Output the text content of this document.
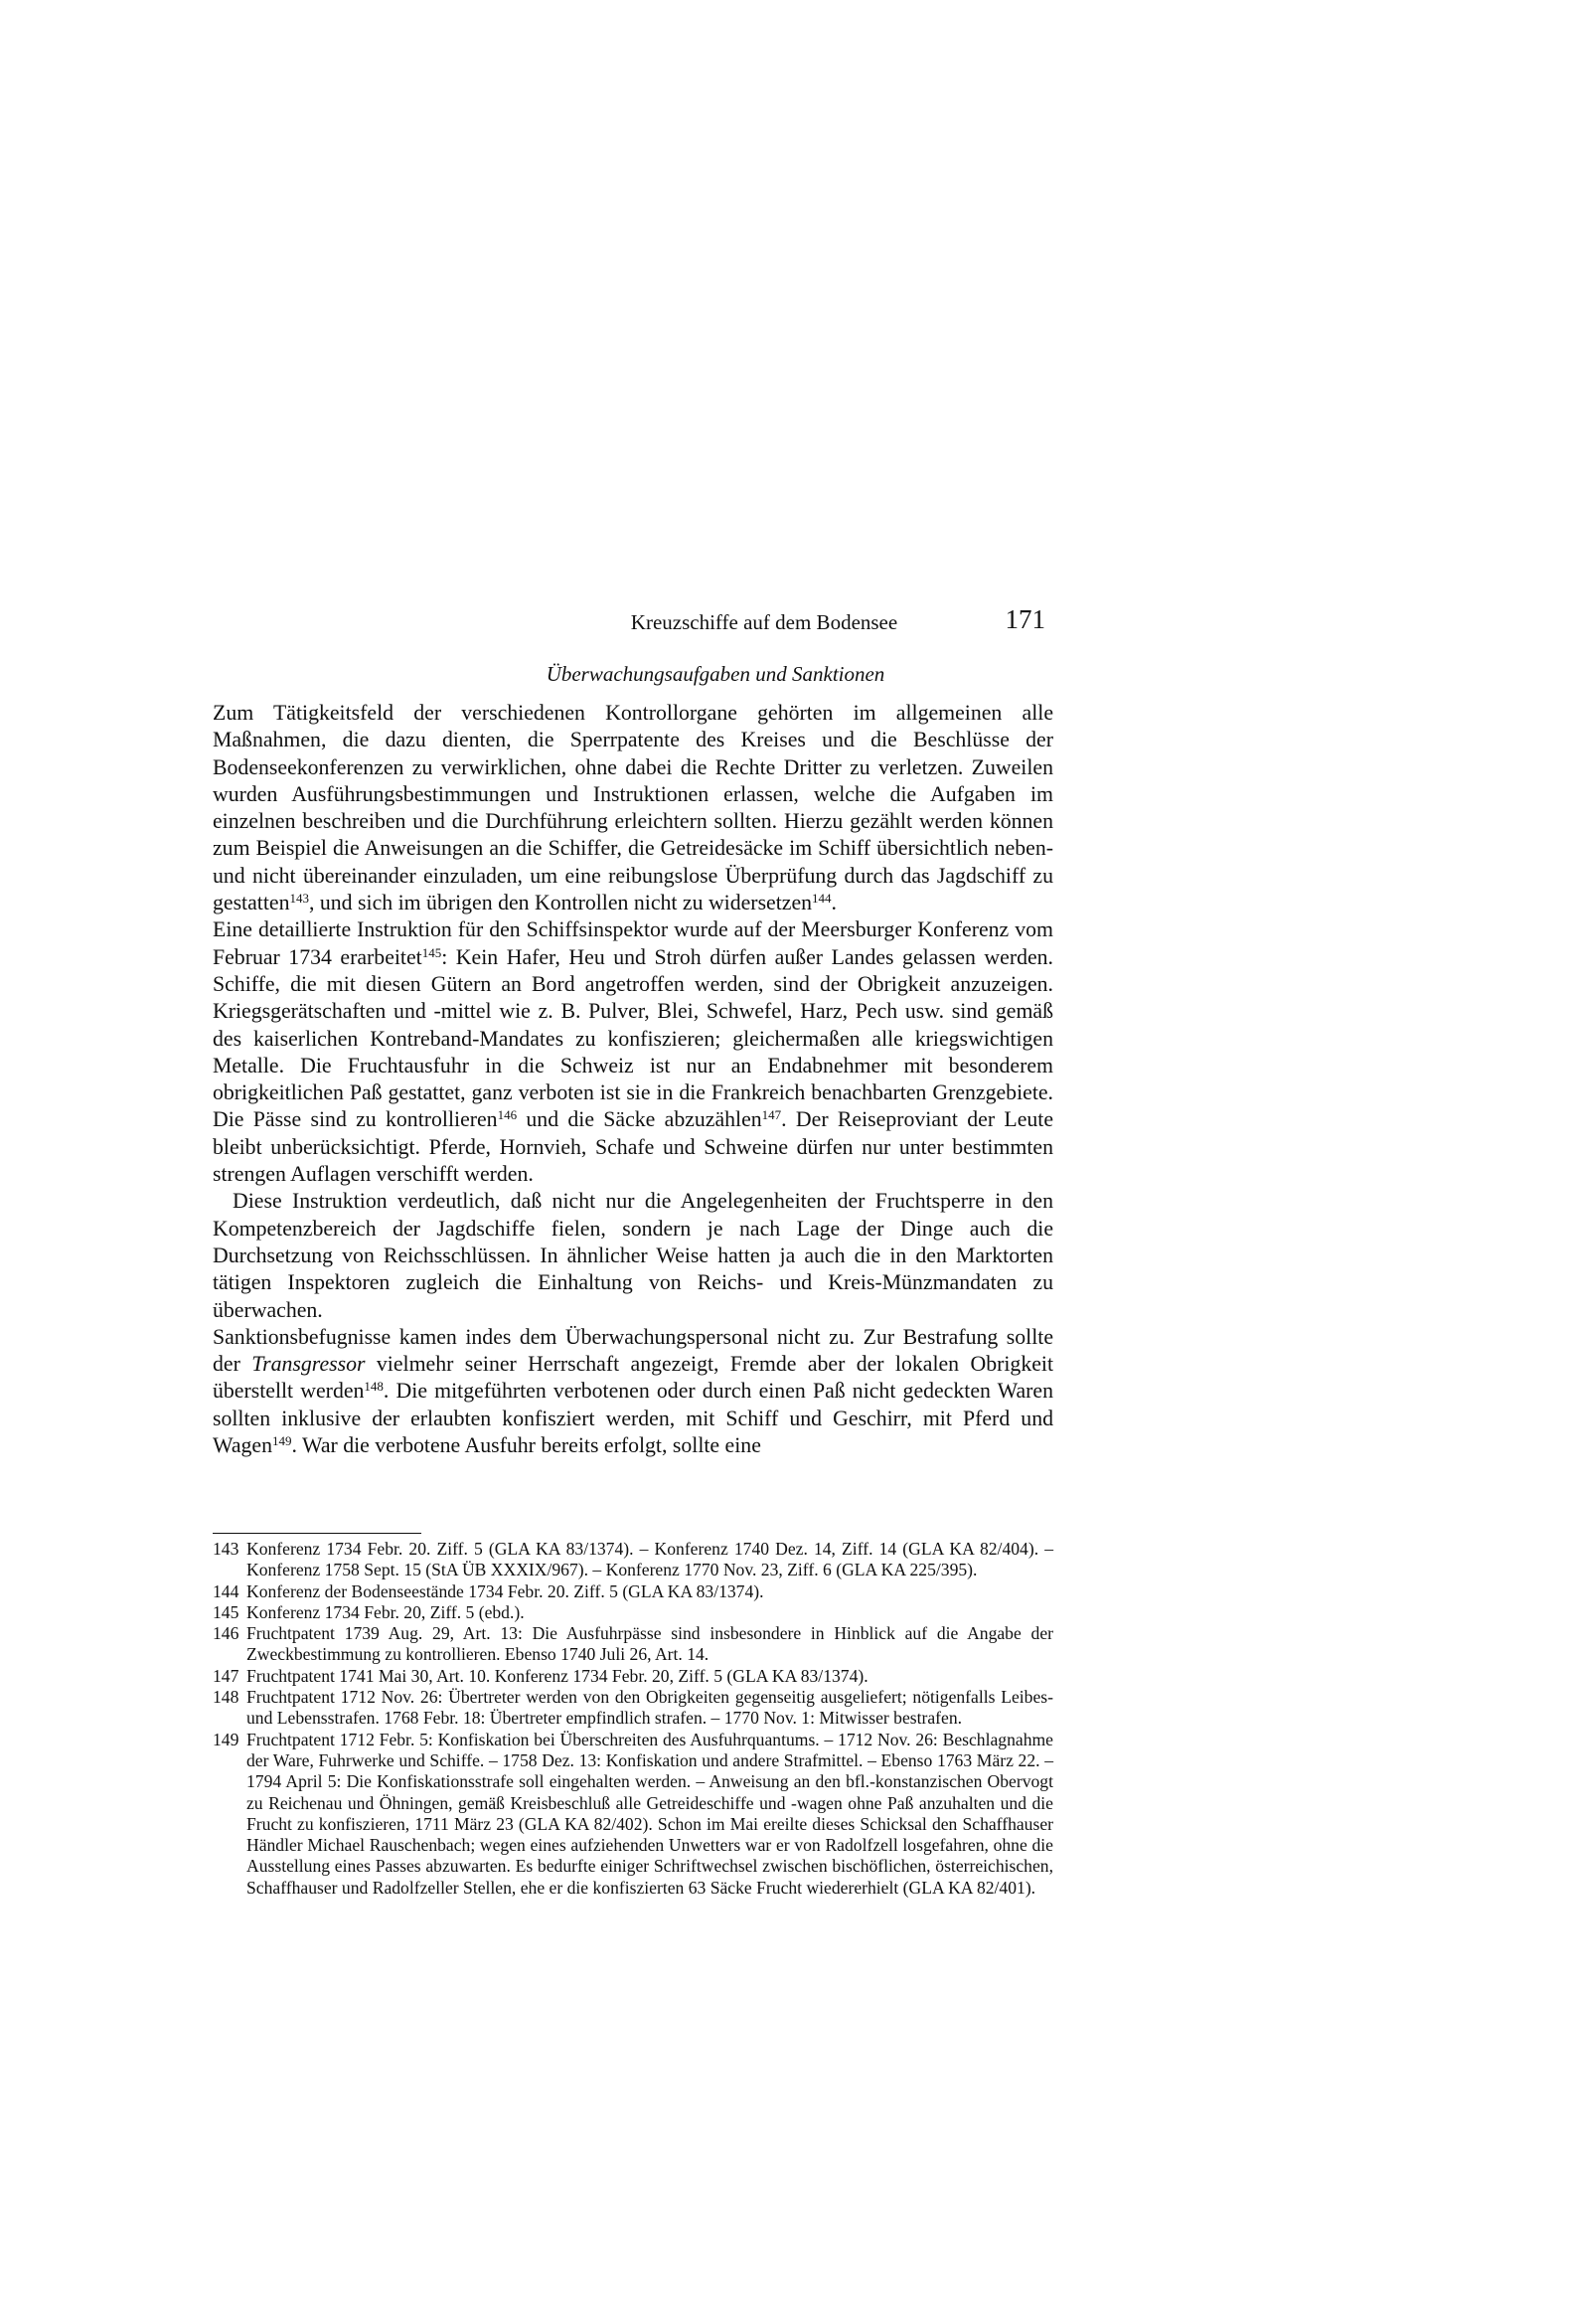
Kreuzschiffe auf dem Bodensee	171
Überwachungsaufgaben und Sanktionen

Zum Tätigkeitsfeld der verschiedenen Kontrollorgane gehörten im allgemeinen alle Maßnahmen, die dazu dienten, die Sperrpatente des Kreises und die Beschlüsse der Bodenseekonferenzen zu verwirklichen, ohne dabei die Rechte Dritter zu verletzen. Zuweilen wurden Ausführungsbestimmungen und Instruktionen erlassen, welche die Aufgaben im einzelnen beschreiben und die Durchführung erleichtern sollten. Hierzu gezählt werden können zum Beispiel die Anweisungen an die Schiffer, die Getreidesäcke im Schiff übersichtlich neben- und nicht übereinander einzuladen, um eine reibungslose Überprüfung durch das Jagdschiff zu gestatten$^{143}$, und sich im übrigen den Kontrollen nicht zu widersetzen$^{144}$.

Eine detaillierte Instruktion für den Schiffsinspektor wurde auf der Meersburger Konferenz vom Februar 1734 erarbeitet$^{145}$: Kein Hafer, Heu und Stroh dürfen außer Landes gelassen werden. Schiffe, die mit diesen Gütern an Bord angetroffen werden, sind der Obrigkeit anzuzeigen. Kriegsgerätschaften und -mittel wie z. B. Pulver, Blei, Schwefel, Harz, Pech usw. sind gemäß des kaiserlichen Kontreband-Mandates zu konfiszieren; gleichermaßen alle kriegswichtigen Metalle. Die Fruchtausfuhr in die Schweiz ist nur an Endabnehmer mit besonderem obrigkeitlichen Paß gestattet, ganz verboten ist sie in die Frankreich benachbarten Grenzgebiete. Die Pässe sind zu kontrollieren$^{146}$ und die Säcke abzuzählen$^{147}$. Der Reiseproviant der Leute bleibt unberücksichtigt. Pferde, Hornvieh, Schafe und Schweine dürfen nur unter bestimmten strengen Auflagen verschifft werden.

Diese Instruktion verdeutlich, daß nicht nur die Angelegenheiten der Fruchtsperre in den Kompetenzbereich der Jagdschiffe fielen, sondern je nach Lage der Dinge auch die Durchsetzung von Reichsschlüssen. In ähnlicher Weise hatten ja auch die in den Marktorten tätigen Inspektoren zugleich die Einhaltung von Reichs- und Kreis-Münzmandaten zu überwachen.

Sanktionsbefugnisse kamen indes dem Überwachungspersonal nicht zu. Zur Bestrafung sollte der Transgressor vielmehr seiner Herrschaft angezeigt, Fremde aber der lokalen Obrigkeit überstellt werden$^{148}$. Die mitgeführten verbotenen oder durch einen Paß nicht gedeckten Waren sollten inklusive der erlaubten konfisziert werden, mit Schiff und Geschirr, mit Pferd und Wagen$^{149}$. War die verbotene Ausfuhr bereits erfolgt, sollte eine

143 Konferenz 1734 Febr. 20. Ziff. 5 (GLA KA 83/1374). – Konferenz 1740 Dez. 14, Ziff. 14 (GLA KA 82/404). – Konferenz 1758 Sept. 15 (StA ÜB XXXIX/967). – Konferenz 1770 Nov. 23, Ziff. 6 (GLA KA 225/395).
144 Konferenz der Bodenseestände 1734 Febr. 20. Ziff. 5 (GLA KA 83/1374).
145 Konferenz 1734 Febr. 20, Ziff. 5 (ebd.).
146 Fruchtpatent 1739 Aug. 29, Art. 13: Die Ausfuhrpässe sind insbesondere in Hinblick auf die Angabe der Zweckbestimmung zu kontrollieren. Ebenso 1740 Juli 26, Art. 14.
147 Fruchtpatent 1741 Mai 30, Art. 10. Konferenz 1734 Febr. 20, Ziff. 5 (GLA KA 83/1374).
148 Fruchtpatent 1712 Nov. 26: Übertreter werden von den Obrigkeiten gegenseitig ausgeliefert; nötigenfalls Leibes- und Lebensstrafen. 1768 Febr. 18: Übertreter empfindlich strafen. – 1770 Nov. 1: Mitwisser bestrafen.
149 Fruchtpatent 1712 Febr. 5: Konfiskation bei Überschreiten des Ausfuhrquantums. – 1712 Nov. 26: Beschlagnahme der Ware, Fuhrwerke und Schiffe. – 1758 Dez. 13: Konfiskation und andere Strafmittel. – Ebenso 1763 März 22. – 1794 April 5: Die Konfiskationsstrafe soll eingehalten werden. – Anweisung an den bfl.-konstanzischen Obervogt zu Reichenau und Öhningen, gemäß Kreisbeschluß alle Getreideschiffe und -wagen ohne Paß anzuhalten und die Frucht zu konfiszieren, 1711 März 23 (GLA KA 82/402). Schon im Mai ereilte dieses Schicksal den Schaffhauser Händler Michael Rauschenbach; wegen eines aufziehenden Unwetters war er von Radolfzell losgefahren, ohne die Ausstellung eines Passes abzuwarten. Es bedurfte einiger Schriftwechsel zwischen bischöflichen, österreichischen, Schaffhauser und Radolfzeller Stellen, ehe er die konfiszierten 63 Säcke Frucht wiedererhielt (GLA KA 82/401).
